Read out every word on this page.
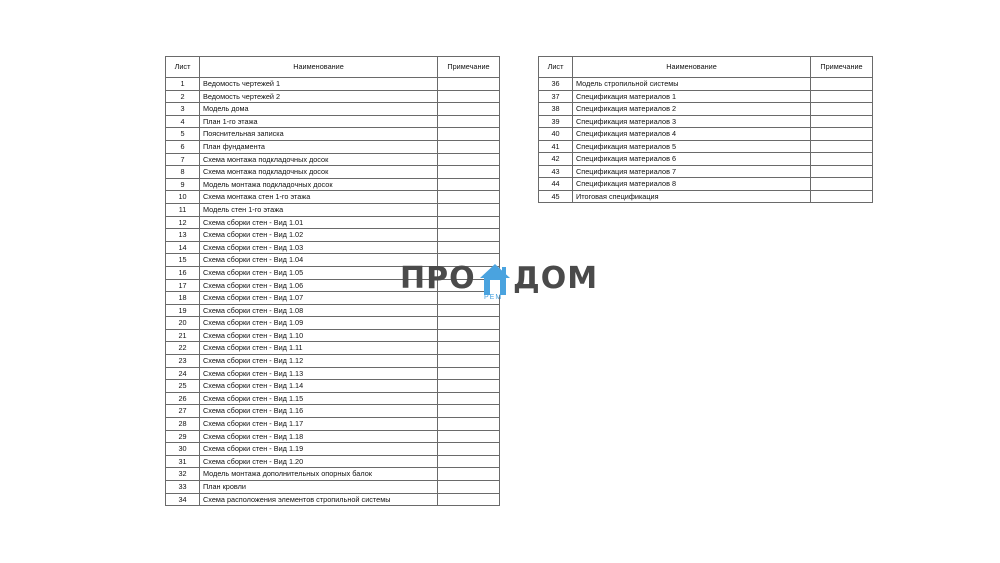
Лист	Наименование	Примечание
1	Ведомость чертежей 1	
2	Ведомость чертежей 2	
3	Модель дома	
4	План 1-го этажа	
5	Пояснительная записка	
6	План фундамента	
7	Схема монтажа подкладочных досок	
8	Схема монтажа подкладочных досок	
9	Модель монтажа подкладочных досок	
10	Схема монтажа стен 1-го этажа	
11	Модель стен 1-го этажа	
12	Схема сборки стен - Вид 1.01	
13	Схема сборки стен - Вид 1.02	
14	Схема сборки стен - Вид 1.03	
15	Схема сборки стен - Вид 1.04	
16	Схема сборки стен - Вид 1.05	
17	Схема сборки стен - Вид 1.06	
18	Схема сборки стен - Вид 1.07	
19	Схема сборки стен - Вид 1.08	
20	Схема сборки стен - Вид 1.09	
21	Схема сборки стен - Вид 1.10	
22	Схема сборки стен - Вид 1.11	
23	Схема сборки стен - Вид 1.12	
24	Схема сборки стен - Вид 1.13	
25	Схема сборки стен - Вид 1.14	
26	Схема сборки стен - Вид 1.15	
27	Схема сборки стен - Вид 1.16	
28	Схема сборки стен - Вид 1.17	
29	Схема сборки стен - Вид 1.18	
30	Схема сборки стен - Вид 1.19	
31	Схема сборки стен - Вид 1.20	
32	Модель монтажа дополнительных опорных балок	
33	План кровли	
34	Схема расположения элементов стропильной системы	
Лист	Наименование	Примечание
36	Модель стропильной системы	
37	Спецификация материалов 1	
38	Спецификация материалов 2	
39	Спецификация материалов 3	
40	Спецификация материалов 4	
41	Спецификация материалов 5	
42	Спецификация материалов 6	
43	Спецификация материалов 7	
44	Спецификация материалов 8	
45	Итоговая спецификация	
ПРО
РЕМ
ДОМ
